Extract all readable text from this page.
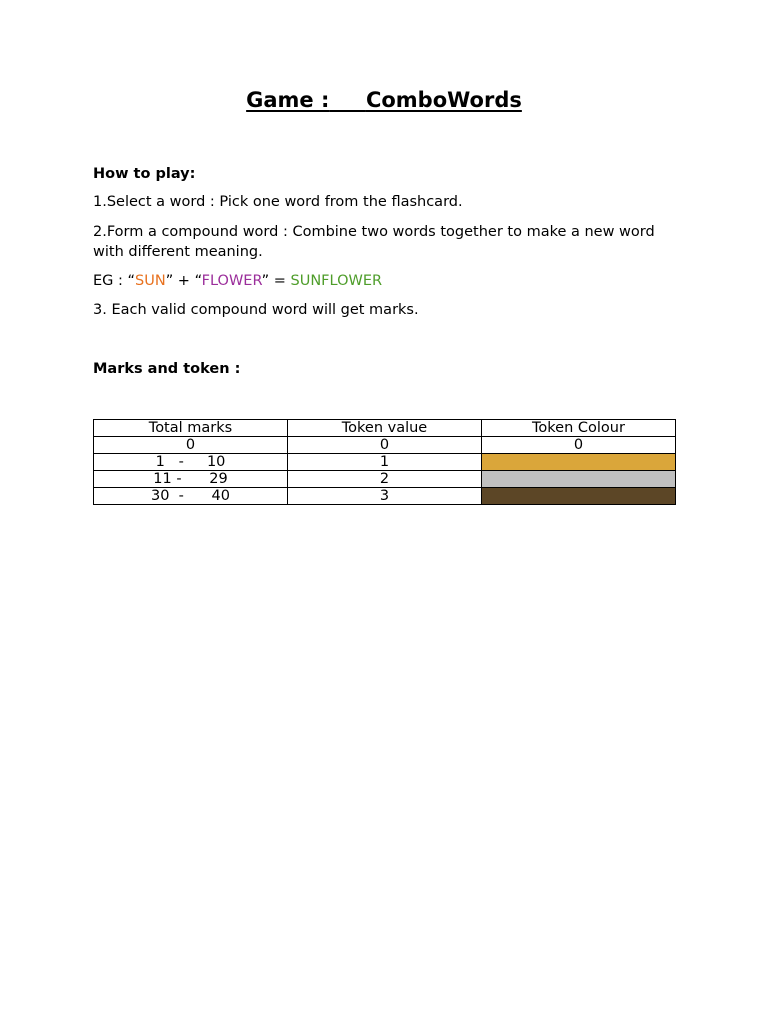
Game : ComboWords
How to play:
1.Select a word : Pick one word from the flashcard.
2.Form a compound word : Combine two words together to make a new word with different meaning.
EG : “SUN” + “FLOWER” = SUNFLOWER
3. Each valid compound word will get marks.
Marks and token :
Total marks	Token value	Token Colour
0	0	0
1   -     10	1	
11 -      29	2	
30  -      40	3	
